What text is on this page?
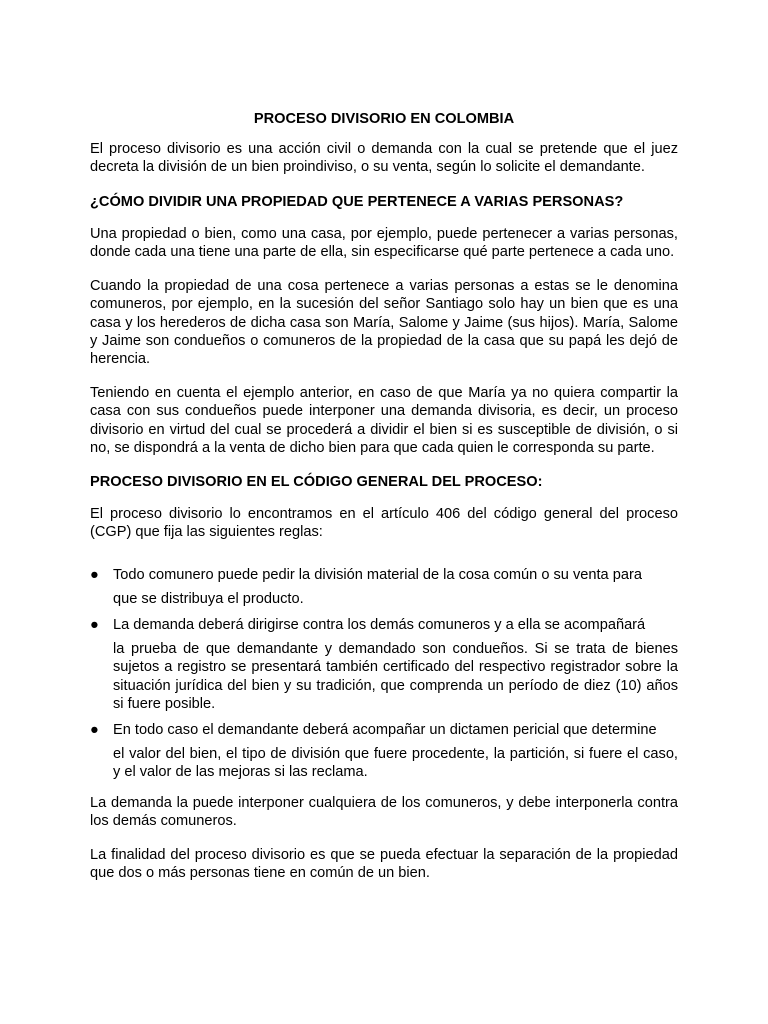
PROCESO DIVISORIO EN COLOMBIA
El proceso divisorio es una acción civil o demanda con la cual se pretende que el juez decreta la división de un bien proindiviso, o su venta, según lo solicite el demandante.
¿CÓMO DIVIDIR UNA PROPIEDAD QUE PERTENECE A VARIAS PERSONAS?
Una propiedad o bien, como una casa, por ejemplo, puede pertenecer a varias personas, donde cada una tiene una parte de ella, sin especificarse qué parte pertenece a cada uno.
Cuando la propiedad de una cosa pertenece a varias personas a estas se le denomina comuneros, por ejemplo, en la sucesión del señor Santiago solo hay un bien que es una casa y los herederos de dicha casa son María, Salome y Jaime (sus hijos). María, Salome y Jaime son condueños o comuneros de la propiedad de la casa que su papá les dejó de herencia.
Teniendo en cuenta el ejemplo anterior, en caso de que María ya no quiera compartir la casa con sus condueños puede interponer una demanda divisoria, es decir, un proceso divisorio en virtud del cual se procederá a dividir el bien si es susceptible de división, o si no, se dispondrá a la venta de dicho bien para que cada quien le corresponda su parte.
PROCESO DIVISORIO EN EL CÓDIGO GENERAL DEL PROCESO:
El proceso divisorio lo encontramos en el artículo 406 del código general del proceso (CGP) que fija las siguientes reglas:
● Todo comunero puede pedir la división material de la cosa común o su venta para
que se distribuya el producto.
● La demanda deberá dirigirse contra los demás comuneros y a ella se acompañará
la prueba de que demandante y demandado son condueños. Si se trata de bienes sujetos a registro se presentará también certificado del respectivo registrador sobre la situación jurídica del bien y su tradición, que comprenda un período de diez (10) años si fuere posible.
● En todo caso el demandante deberá acompañar un dictamen pericial que determine
el valor del bien, el tipo de división que fuere procedente, la partición, si fuere el caso, y el valor de las mejoras si las reclama.
La demanda la puede interponer cualquiera de los comuneros, y debe interponerla contra los demás comuneros.
La finalidad del proceso divisorio es que se pueda efectuar la separación de la propiedad que dos o más personas tiene en común de un bien.
